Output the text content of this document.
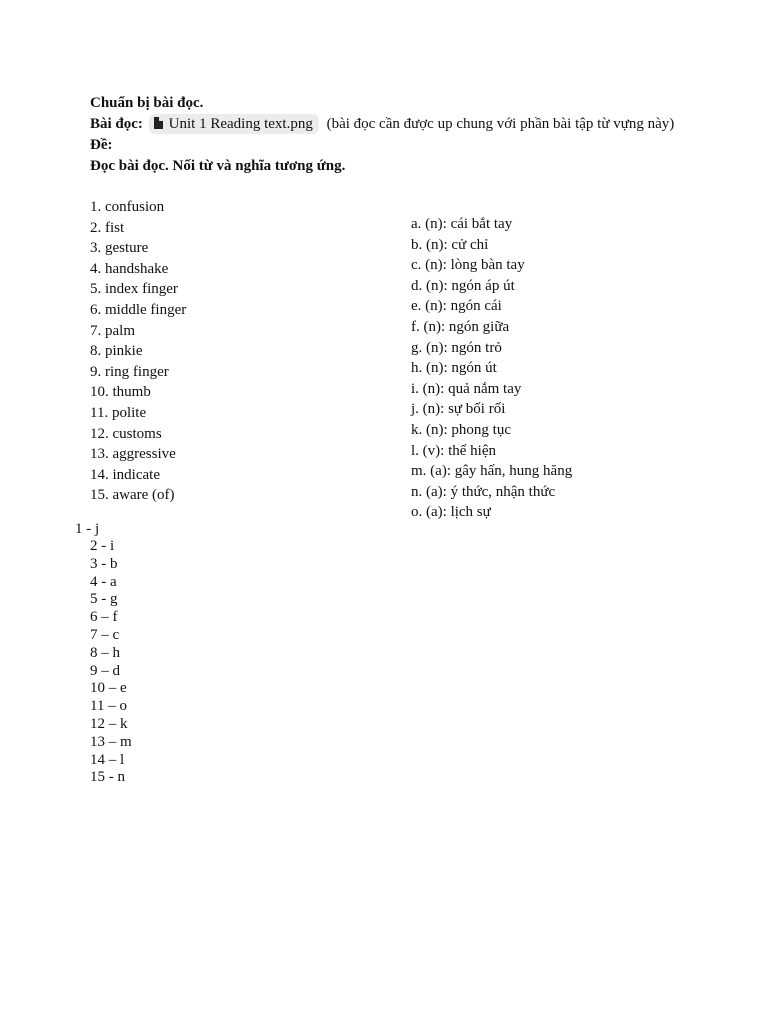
Chuẩn bị bài đọc.
Bài đọc: Unit 1 Reading text.png (bài đọc cần được up chung với phần bài tập từ vựng này)
Đề:
Đọc bài đọc. Nối từ và nghĩa tương ứng.
1. confusion
2. fist
3. gesture
4. handshake
5. index finger
6. middle finger
7. palm
8. pinkie
9. ring finger
10. thumb
11. polite
12. customs
13. aggressive
14. indicate
15. aware (of)
a. (n): cái bắt tay
b. (n): cử chỉ
c. (n): lòng bàn tay
d. (n): ngón áp út
e. (n): ngón cái
f. (n): ngón giữa
g. (n): ngón trỏ
h. (n): ngón út
i. (n): quả nắm tay
j. (n): sự bối rối
k. (n): phong tục
l. (v): thể hiện
m. (a): gây hấn, hung hăng
n. (a): ý thức, nhận thức
o. (a): lịch sự
1 - j
2 - i
3 - b
4 - a
5 - g
6 – f
7 – c
8 – h
9 – d
10 – e
11 – o
12 – k
13 – m
14 – l
15 - n
